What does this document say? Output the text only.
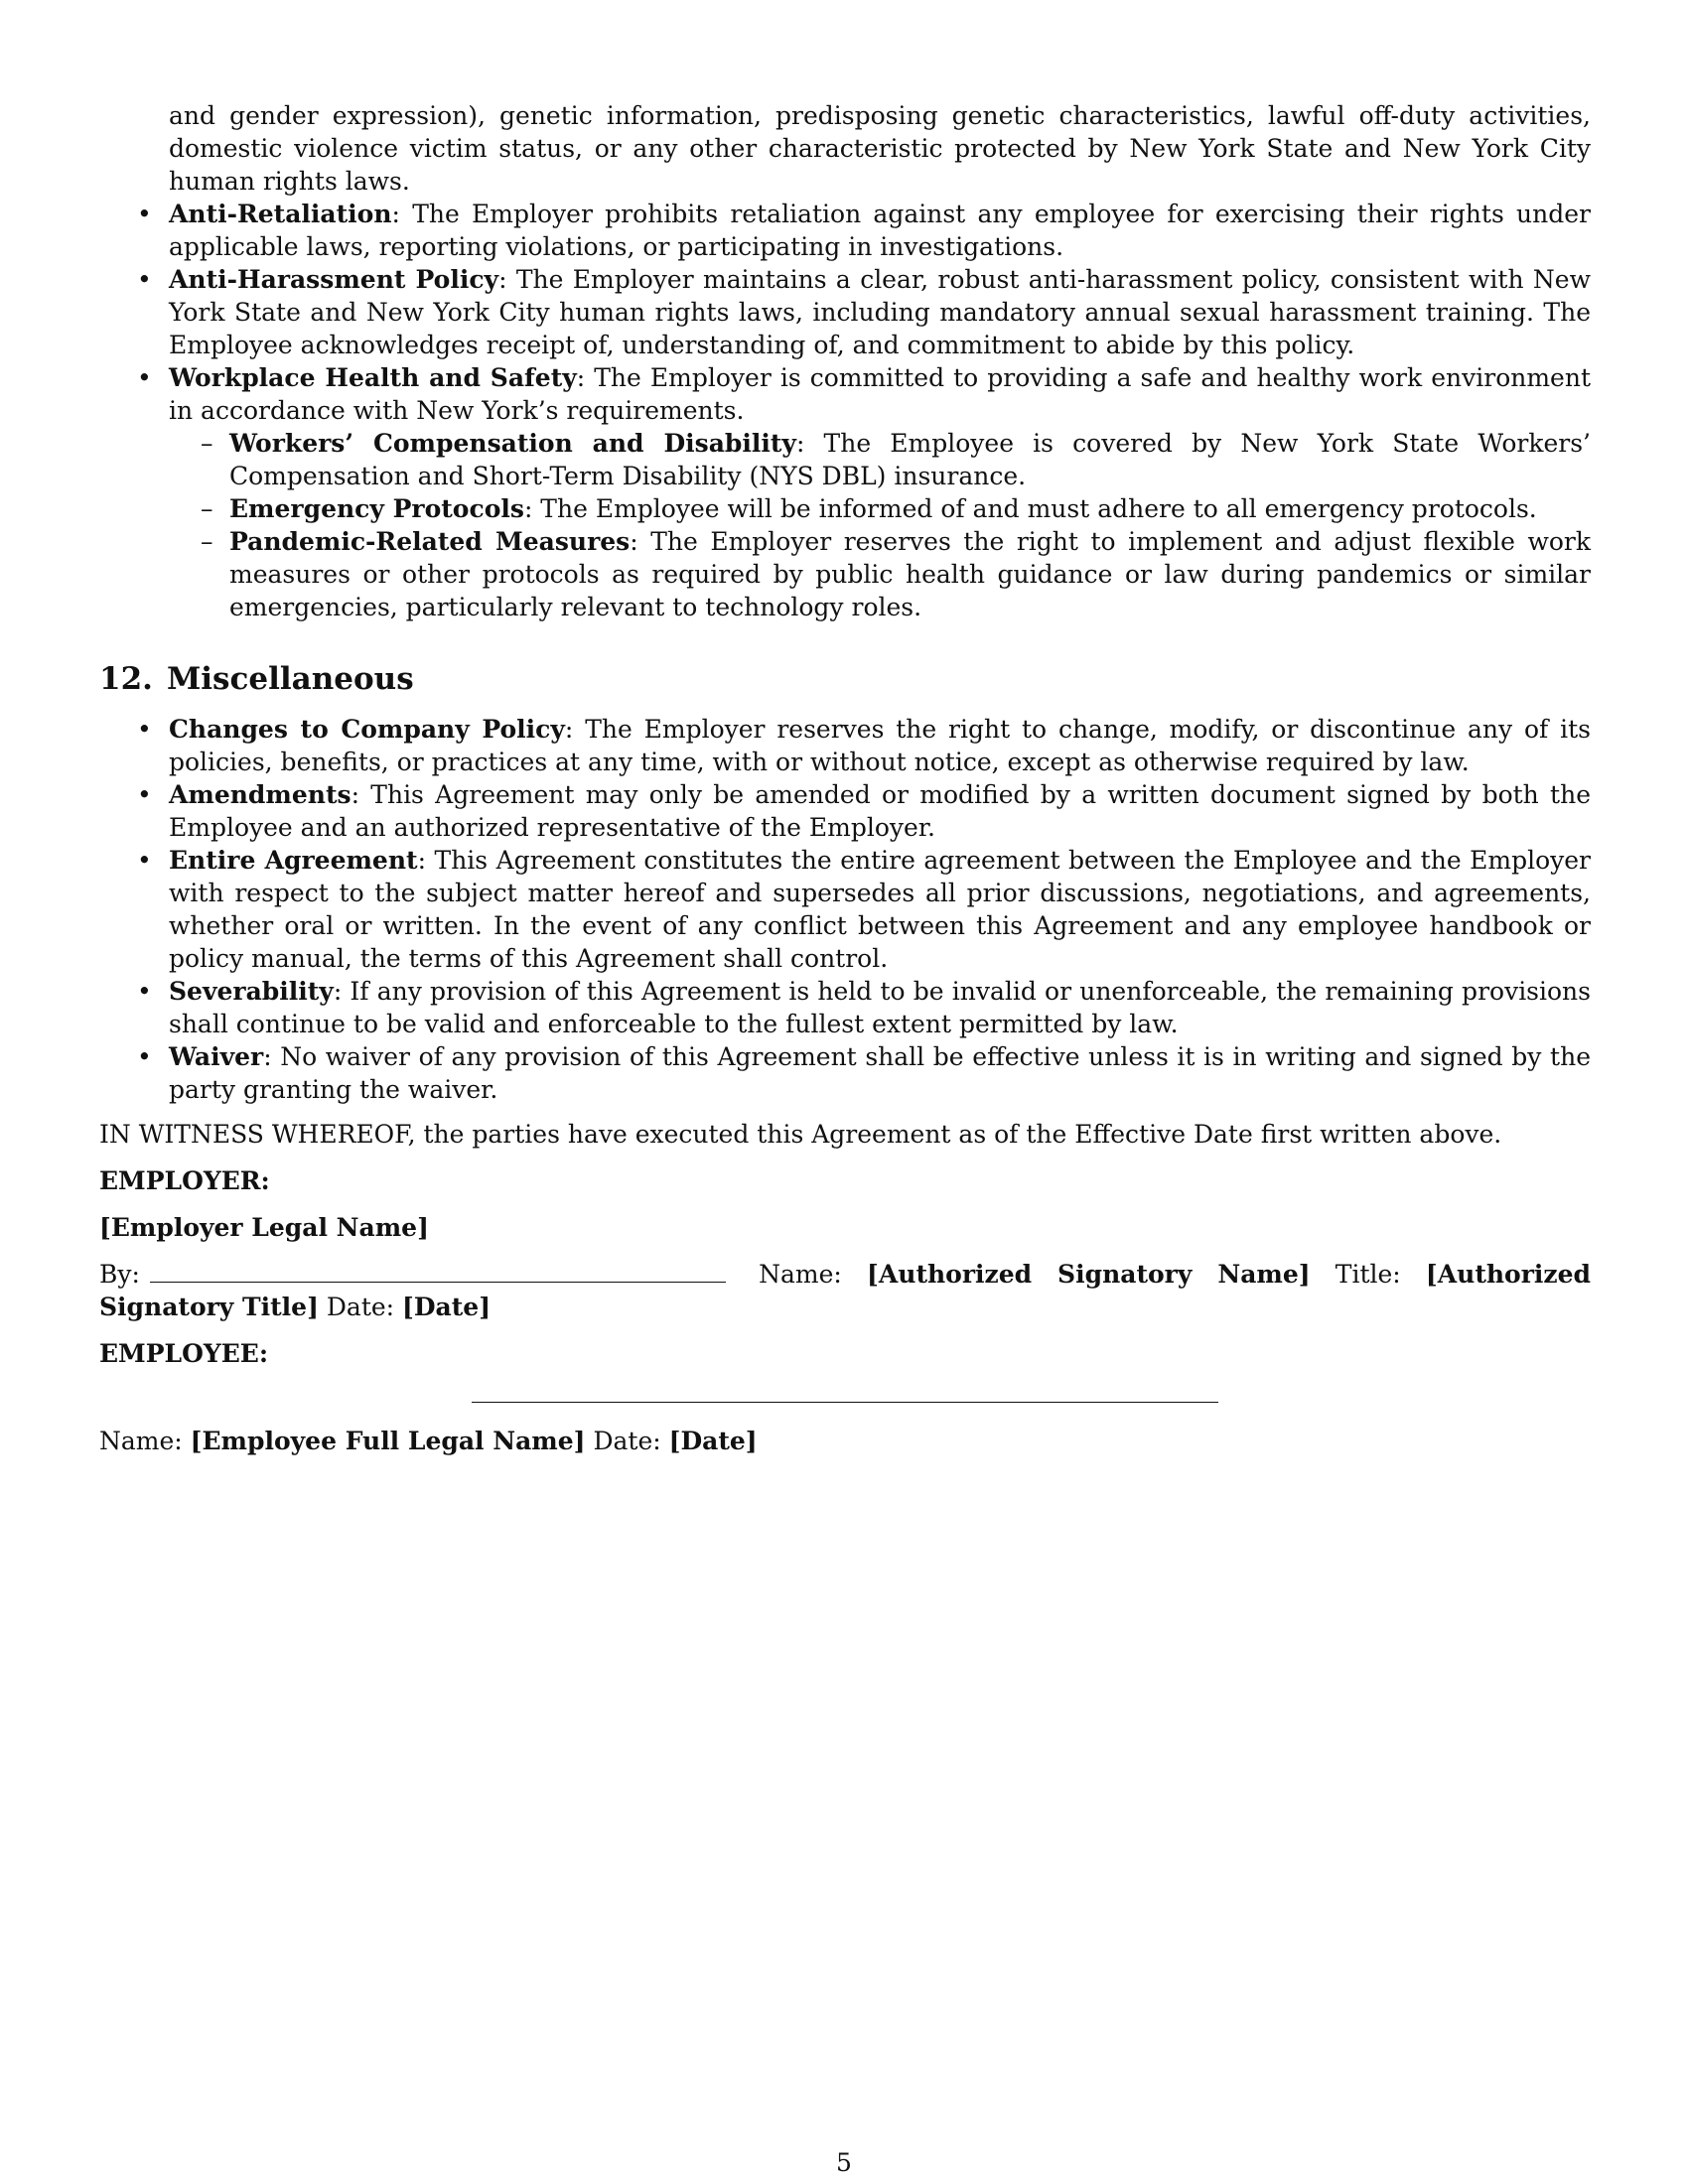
and gender expression), genetic information, predisposing genetic characteristics, lawful off-duty activities, domestic violence victim status, or any other characteristic protected by New York State and New York City human rights laws.

• Anti-Retaliation: The Employer prohibits retaliation against any employee for exercising their rights under applicable laws, reporting violations, or participating in investigations.
• Anti-Harassment Policy: The Employer maintains a clear, robust anti-harassment policy, consistent with New York State and New York City human rights laws, including mandatory annual sexual harassment training. The Employee acknowledges receipt of, understanding of, and commitment to abide by this policy.
• Workplace Health and Safety: The Employer is committed to providing a safe and healthy work environment in accordance with New York’s requirements.
– Workers’ Compensation and Disability: The Employee is covered by New York State Workers’ Compensation and Short-Term Disability (NYS DBL) insurance.
– Emergency Protocols: The Employee will be informed of and must adhere to all emergency protocols.
– Pandemic-Related Measures: The Employer reserves the right to implement and adjust flexible work measures or other protocols as required by public health guidance or law during pandemics or similar emergencies, particularly relevant to technology roles.
12. Miscellaneous
• Changes to Company Policy: The Employer reserves the right to change, modify, or discontinue any of its policies, benefits, or practices at any time, with or without notice, except as otherwise required by law.
• Amendments: This Agreement may only be amended or modified by a written document signed by both the Employee and an authorized representative of the Employer.
• Entire Agreement: This Agreement constitutes the entire agreement between the Employee and the Employer with respect to the subject matter hereof and supersedes all prior discussions, negotiations, and agreements, whether oral or written. In the event of any conflict between this Agreement and any employee handbook or policy manual, the terms of this Agreement shall control.
• Severability: If any provision of this Agreement is held to be invalid or unenforceable, the remaining provisions shall continue to be valid and enforceable to the fullest extent permitted by law.
• Waiver: No waiver of any provision of this Agreement shall be effective unless it is in writing and signed by the party granting the waiver.

IN WITNESS WHEREOF, the parties have executed this Agreement as of the Effective Date first written above.

EMPLOYER:

[Employer Legal Name]

By:	Name: [Authorized Signatory Name] Title: [Authorized Signatory Title] Date: [Date]

EMPLOYEE:

Name: [Employee Full Legal Name] Date: [Date]

5
